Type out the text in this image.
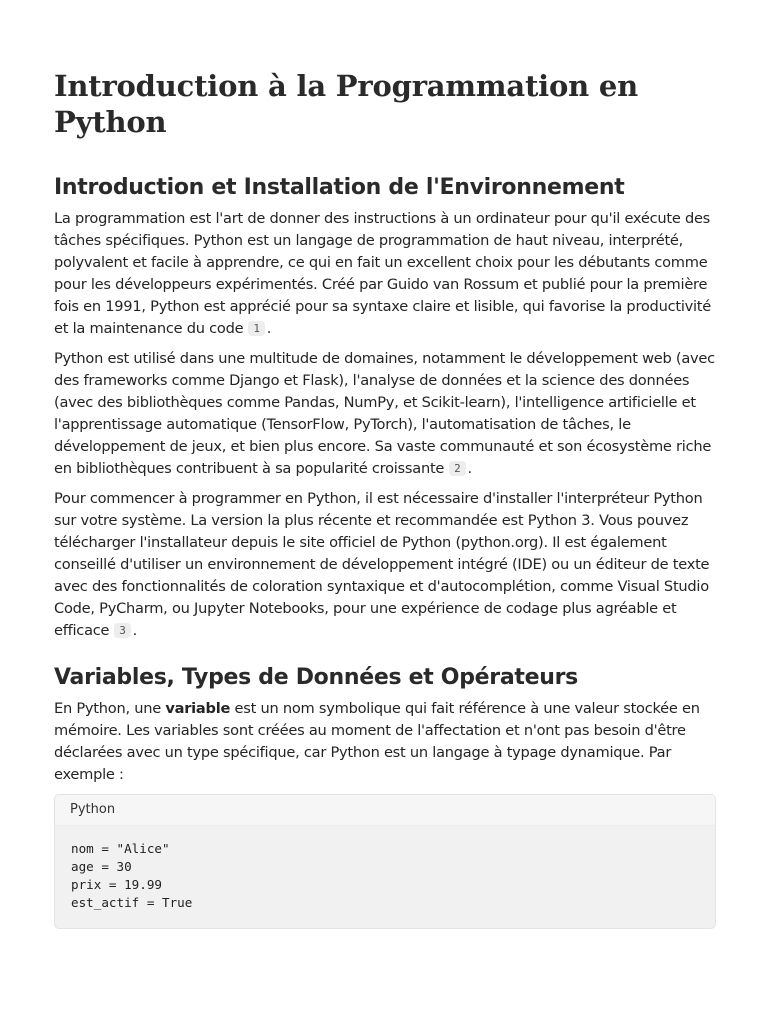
Introduction à la Programmation en Python
Introduction et Installation de l'Environnement

La programmation est l'art de donner des instructions à un ordinateur pour qu'il exécute des tâches spécifiques. Python est un langage de programmation de haut niveau, interprété, polyvalent et facile à apprendre, ce qui en fait un excellent choix pour les débutants comme pour les développeurs expérimentés. Créé par Guido van Rossum et publié pour la première fois en 1991, Python est apprécié pour sa syntaxe claire et lisible, qui favorise la productivité et la maintenance du code 1 .

Python est utilisé dans une multitude de domaines, notamment le développement web (avec des frameworks comme Django et Flask), l'analyse de données et la science des données (avec des bibliothèques comme Pandas, NumPy, et Scikit-learn), l'intelligence artificielle et l'apprentissage automatique (TensorFlow, PyTorch), l'automatisation de tâches, le développement de jeux, et bien plus encore. Sa vaste communauté et son écosystème riche en bibliothèques contribuent à sa popularité croissante 2 .

Pour commencer à programmer en Python, il est nécessaire d'installer l'interpréteur Python sur votre système. La version la plus récente et recommandée est Python 3. Vous pouvez télécharger l'installateur depuis le site officiel de Python (python.org). Il est également conseillé d'utiliser un environnement de développement intégré (IDE) ou un éditeur de texte avec des fonctionnalités de coloration syntaxique et d'autocomplétion, comme Visual Studio Code, PyCharm, ou Jupyter Notebooks, pour une expérience de codage plus agréable et efficace 3 .

Variables, Types de Données et Opérateurs

En Python, une variable est un nom symbolique qui fait référence à une valeur stockée en mémoire. Les variables sont créées au moment de l'affectation et n'ont pas besoin d'être déclarées avec un type spécifique, car Python est un langage à typage dynamique. Par exemple :

Python
nom = "Alice"
age = 30
prix = 19.99
est_actif = True
